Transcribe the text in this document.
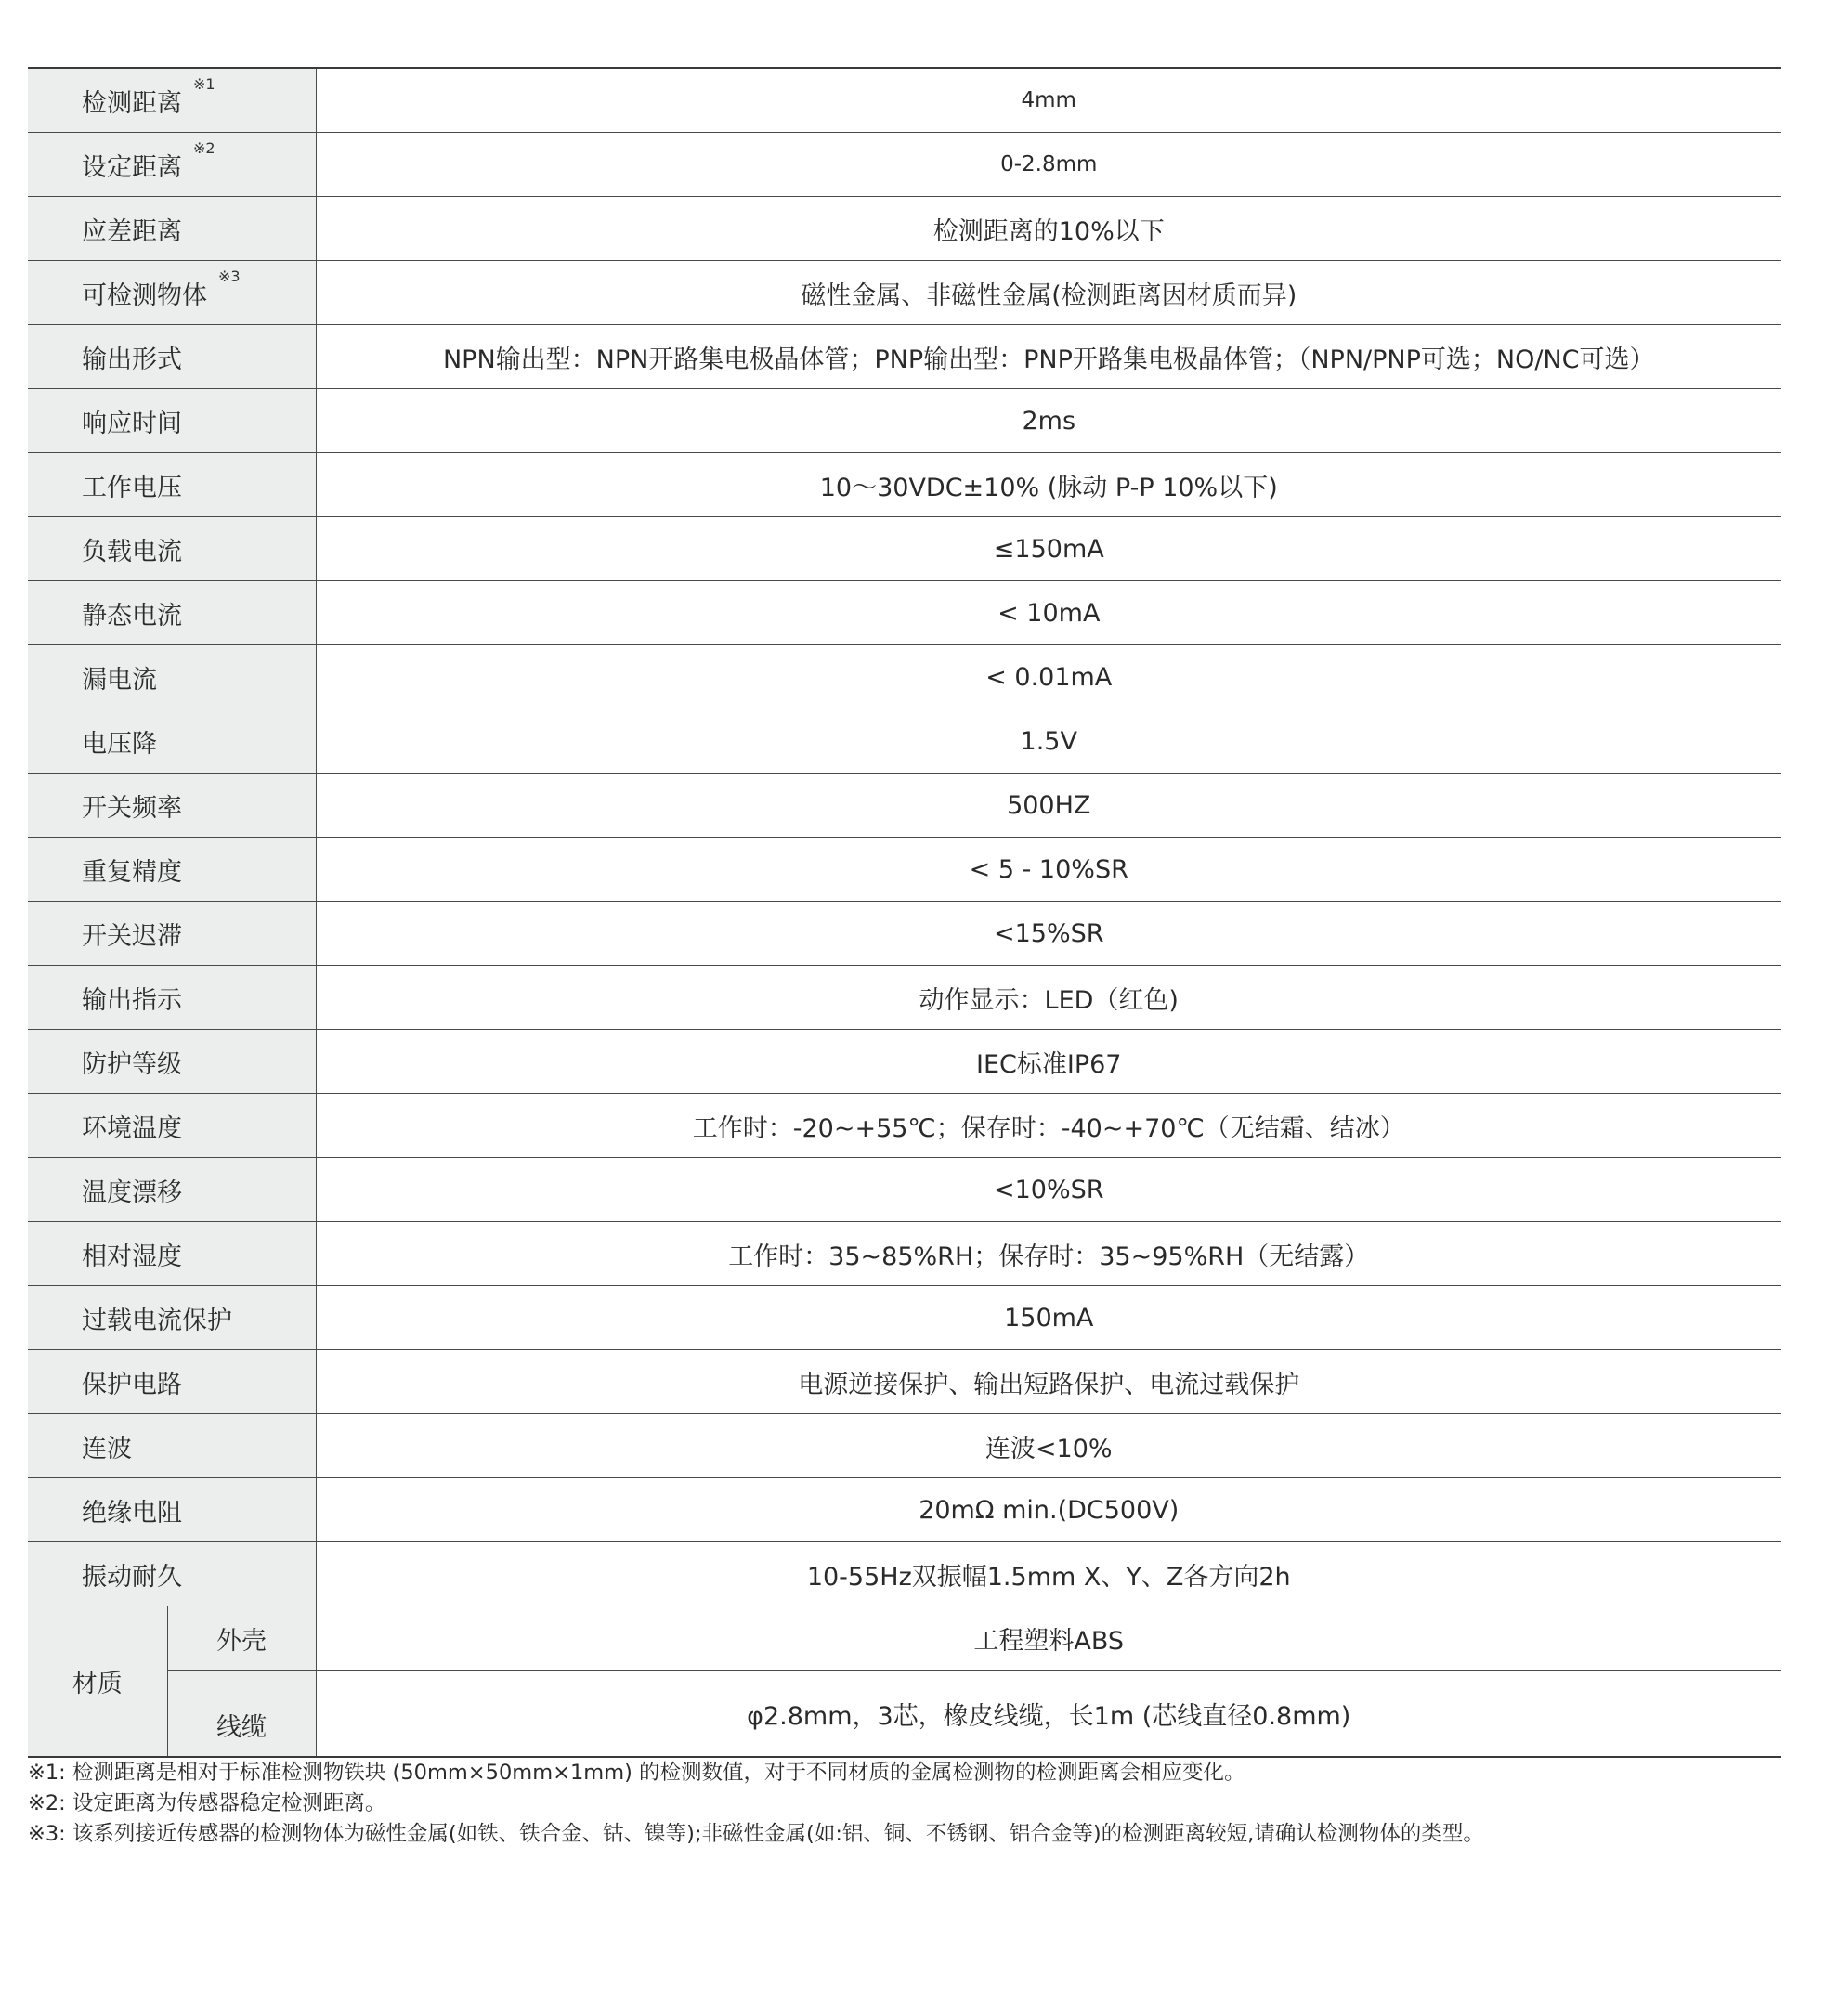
检测距离$^{※1}$		4mm
设定距离$^{※2}$		0-2.8mm
应差距离		检测距离的10%以下
可检测物体$^{※3}$		磁性金属、非磁性金属(检测距离因材质而异)
输出形式		NPN输出型：NPN开路集电极晶体管；PNP输出型：PNP开路集电极晶体管；（NPN/PNP可选；NO/NC可选）
响应时间		2ms
工作电压		10～30VDC±10% (脉动 P-P 10%以下)
负载电流		≤150mA
静态电流		< 10mA
漏电流		< 0.01mA
电压降		1.5V
开关频率		500HZ
重复精度		< 5 - 10%SR
开关迟滞		<15%SR
输出指示		动作显示：LED（红色)
防护等级		IEC标准IP67
环境温度		工作时：-20~+55℃；保存时：-40~+70℃（无结霜、结冰）
温度漂移		<10%SR
相对湿度		工作时：35~85%RH；保存时：35~95%RH（无结露）
过载电流保护		150mA
保护电路		电源逆接保护、输出短路保护、电流过载保护
连波		连波<10%
绝缘电阻		20mΩ min.(DC500V)
振动耐久		10-55Hz双振幅1.5mm X、Y、Z各方向2h
材质	外壳	工程塑料ABS
	线缆	φ2.8mm，3芯，橡皮线缆，长1m (芯线直径0.8mm)
※1: 检测距离是相对于标准检测物铁块 (50mm×50mm×1mm) 的检测数值，对于不同材质的金属检测物的检测距离会相应变化。
※2: 设定距离为传感器稳定检测距离。
※3: 该系列接近传感器的检测物体为磁性金属(如铁、铁合金、钴、镍等);非磁性金属(如:铝、铜、不锈钢、铝合金等)的检测距离较短,请确认检测物体的类型。
